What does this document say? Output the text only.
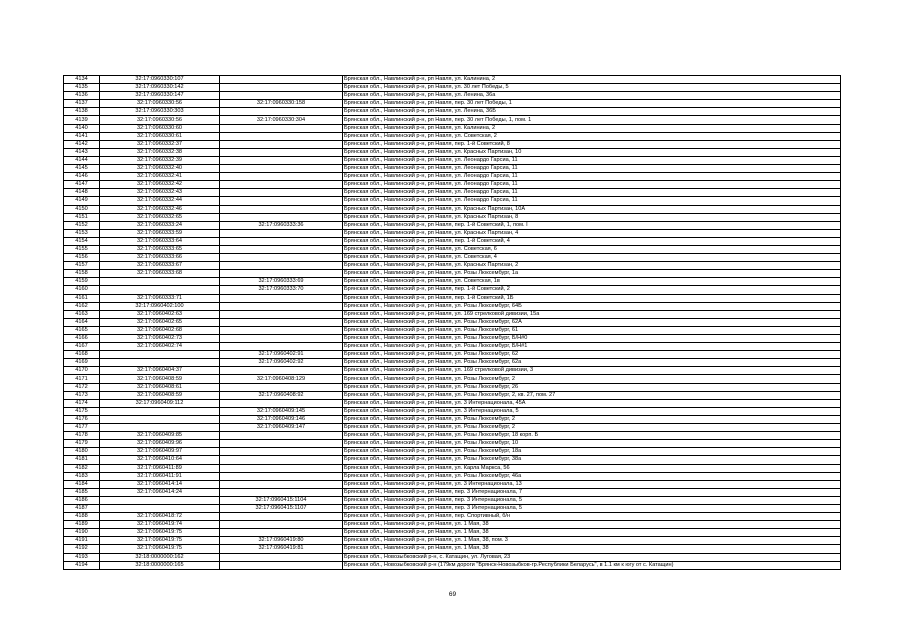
4134	32:17:0960330:107		Брянская обл., Навлинский р-н, рп Навля, ул. Калинина, 2
4135	32:17:0960330:142		Брянская обл., Навлинский р-н, рп Навля, ул. 30 лет Победы, 5
4136	32:17:0960330:147		Брянская обл., Навлинский р-н, рп Навля, ул. Ленина, 36а
4137	32:17:0960330:56	32:17:0960330:158	Брянская обл., Навлинский р-н, рп Навля, пер. 30 лет Победы, 1
4138	32:17:0960330:303		Брянская обл., Навлинский р-н, рп Навля, ул. Ленина, 36Б
4139	32:17:0960330:56	32:17:0960330:304	Брянская обл., Навлинский р-н, рп Навля, пер. 30 лет Победы, 1, пом. 1
4140	32:17:0960330:60		Брянская обл., Навлинский р-н, рп Навля, ул. Калинина, 2
4141	32:17:0960330:61		Брянская обл., Навлинский р-н, рп Навля, ул. Советская, 2
4142	32:17:0960332:37		Брянская обл., Навлинский р-н, рп Навля, пер. 1-й Советский, 8
4143	32:17:0960332:38		Брянская обл., Навлинский р-н, рп Навля, ул. Красных Партизан, 10
4144	32:17:0960332:39		Брянская обл., Навлинский р-н, рп Навля, ул. Леонардо Гарсиа, 11
4145	32:17:0960332:40		Брянская обл., Навлинский р-н, рп Навля, ул. Леонардо Гарсиа, 11
4146	32:17:0960332:41		Брянская обл., Навлинский р-н, рп Навля, ул. Леонардо Гарсиа, 11
4147	32:17:0960332:42		Брянская обл., Навлинский р-н, рп Навля, ул. Леонардо Гарсиа, 11
4148	32:17:0960332:43		Брянская обл., Навлинский р-н, рп Навля, ул. Леонардо Гарсиа, 11
4149	32:17:0960332:44		Брянская обл., Навлинский р-н, рп Навля, ул. Леонардо Гарсиа, 11
4150	32:17:0960332:46		Брянская обл., Навлинский р-н, рп Навля, ул. Красных Партизан, 10А
4151	32:17:0960332:65		Брянская обл., Навлинский р-н, рп Навля, ул. Красных Партизан, 8
4152	32:17:0960333:24	32:17:0960333:36	Брянская обл., Навлинский р-н, рп Навля, пер. 1-й Советский, 1, пом. I
4153	32:17:0960333:59		Брянская обл., Навлинский р-н, рп Навля, ул. Красных Партизан, 4
4154	32:17:0960333:64		Брянская обл., Навлинский р-н, рп Навля, пер. 1-й Советский, 4
4155	32:17:0960333:65		Брянская обл., Навлинский р-н, рп Навля, ул. Советская, 6
4156	32:17:0960333:66		Брянская обл., Навлинский р-н, рп Навля, ул. Советская, 4
4157	32:17:0960333:67		Брянская обл., Навлинский р-н, рп Навля, ул. Красных Партизан, 2
4158	32:17:0960333:68		Брянская обл., Навлинский р-н, рп Навля, ул. Розы Люксембург, 1а
4159		32:17:0960333:69	Брянская обл., Навлинский р-н, рп Навля, ул. Советская, 1в
4160		32:17:0960333:70	Брянская обл., Навлинский р-н, рп Навля, пер. 1-й Советский, 2
4161	32:17:0960333:71		Брянская обл., Навлинский р-н, рп Навля, пер. 1-й Советский, 1Б
4162	32:17:0960402:100		Брянская обл., Навлинский р-н, рп Навля, ул. Розы Люксембург, 64Б
4163	32:17:0960402:63		Брянская обл., Навлинский р-н, рп Навля, ул. 169 стрелковой дивизии, 15а
4164	32:17:0960402:65		Брянская обл., Навлинский р-н, рп Навля, ул. Розы Люксембург, 62А
4165	32:17:0960402:68		Брянская обл., Навлинский р-н, рп Навля, ул. Розы Люксембург, 61
4166	32:17:0960402:73		Брянская обл., Навлинский р-н, рп Навля, ул. Розы Люксембург, Б/Н#0
4167	32:17:0960402:74		Брянская обл., Навлинский р-н, рп Навля, ул. Розы Люксембург, Б/Н#1
4168		32:17:0960402:91	Брянская обл., Навлинский р-н, рп Навля, ул. Розы Люксембург, 62
4169		32:17:0960402:92	Брянская обл., Навлинский р-н, рп Навля, ул. Розы Люксембург, 62а
4170	32:17:0960404:37		Брянская обл., Навлинский р-н, рп Навля, ул. 169 стрелковой дивизии, 3
4171	32:17:0960408:59	32:17:0960408:129	Брянская обл., Навлинский р-н, рп Навля, ул. Розы Люксембург, 2
4172	32:17:0960408:61		Брянская обл., Навлинский р-н, рп Навля, ул. Розы Люксембург, 26
4173	32:17:0960408:59	32:17:0960408:92	Брянская обл., Навлинский р-н, рп Навля, ул. Розы Люксембург, 2, кв. 27, пом. 27
4174	32:17:0960409:112		Брянская обл., Навлинский р-н, рп Навля, ул. 3 Интернационала, 45А
4175		32:17:0960409:145	Брянская обл., Навлинский р-н, рп Навля, ул. 3 Интернационала, 5
4176		32:17:0960409:146	Брянская обл., Навлинский р-н, рп Навля, ул. Розы Люксембург, 2
4177		32:17:0960409:147	Брянская обл., Навлинский р-н, рп Навля, ул. Розы Люксембург, 2
4178	32:17:0960409:85		Брянская обл., Навлинский р-н, рп Навля, ул. Розы Люксембург, 18 корп. Б
4179	32:17:0960409:96		Брянская обл., Навлинский р-н, рп Навля, ул. Розы Люксембург, 10
4180	32:17:0960409:97		Брянская обл., Навлинский р-н, рп Навля, ул. Розы Люксембург, 18а
4181	32:17:0960410:64		Брянская обл., Навлинский р-н, рп Навля, ул. Розы Люксембург, 38а
4182	32:17:0960411:89		Брянская обл., Навлинский р-н, рп Навля, ул. Карла Маркса, 56
4183	32:17:0960411:91		Брянская обл., Навлинский р-н, рп Навля, ул. Розы Люксембург, 46а
4184	32:17:0960414:14		Брянская обл., Навлинский р-н, рп Навля, ул. 3 Интернационала, 13
4185	32:17:0960414:24		Брянская обл., Навлинский р-н, рп Навля, пер. 3 Интернационала, 7
4186		32:17:0960415:1104	Брянская обл., Навлинский р-н, рп Навля, пер. 3 Интернационала, 5
4187		32:17:0960415:1107	Брянская обл., Навлинский р-н, рп Навля, пер. 3 Интернационала, 5
4188	32:17:0960418:72		Брянская обл., Навлинский р-н, рп Навля, пер. Спортивный, б/н
4189	32:17:0960419:74		Брянская обл., Навлинский р-н, рп Навля, ул. 1 Мая, 38
4190	32:17:0960419:75		Брянская обл., Навлинский р-н, рп Навля, ул. 1 Мая, 38
4191	32:17:0960419:75	32:17:0960419:80	Брянская обл., Навлинский р-н, рп Навля, ул. 1 Мая, 38, пом. 3
4192	32:17:0960419:75	32:17:0960419:81	Брянская обл., Навлинский р-н, рп Навля, ул. 1 Мая, 38
4193	32:18:0000000:162		Брянская обл., Новозыбковский р-н, с. Катащин, ул. Луговая, 23
4194	32:18:0000000:165		Брянская обл., Новозыбковский р-н (179км дороги "Брянск-Новозыбков-гр.Республики Беларусь", в 1.1 км к югу от с. Катащин)
69
